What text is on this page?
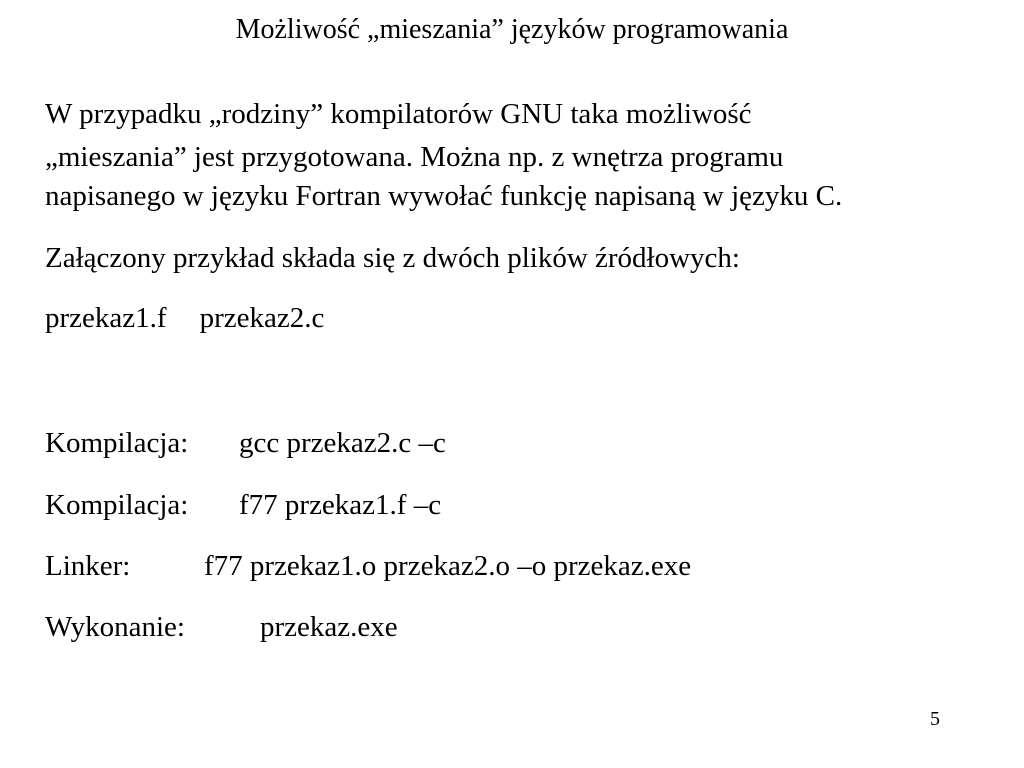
Możliwość „mieszania” języków programowania
W przypadku „rodziny” kompilatorów GNU taka możliwość
„mieszania” jest przygotowana. Można np. z wnętrza programu
napisanego w języku Fortran wywołać funkcję napisaną w języku C.
Załączony przykład składa się z dwóch plików źródłowych:
przekaz1.f przekaz2.c
Kompilacja: gcc przekaz2.c –c
Kompilacja: f77 przekaz1.f –c
Linker:	f77 przekaz1.o przekaz2.o –o przekaz.exe
Wykonanie:	przekaz.exe
5
